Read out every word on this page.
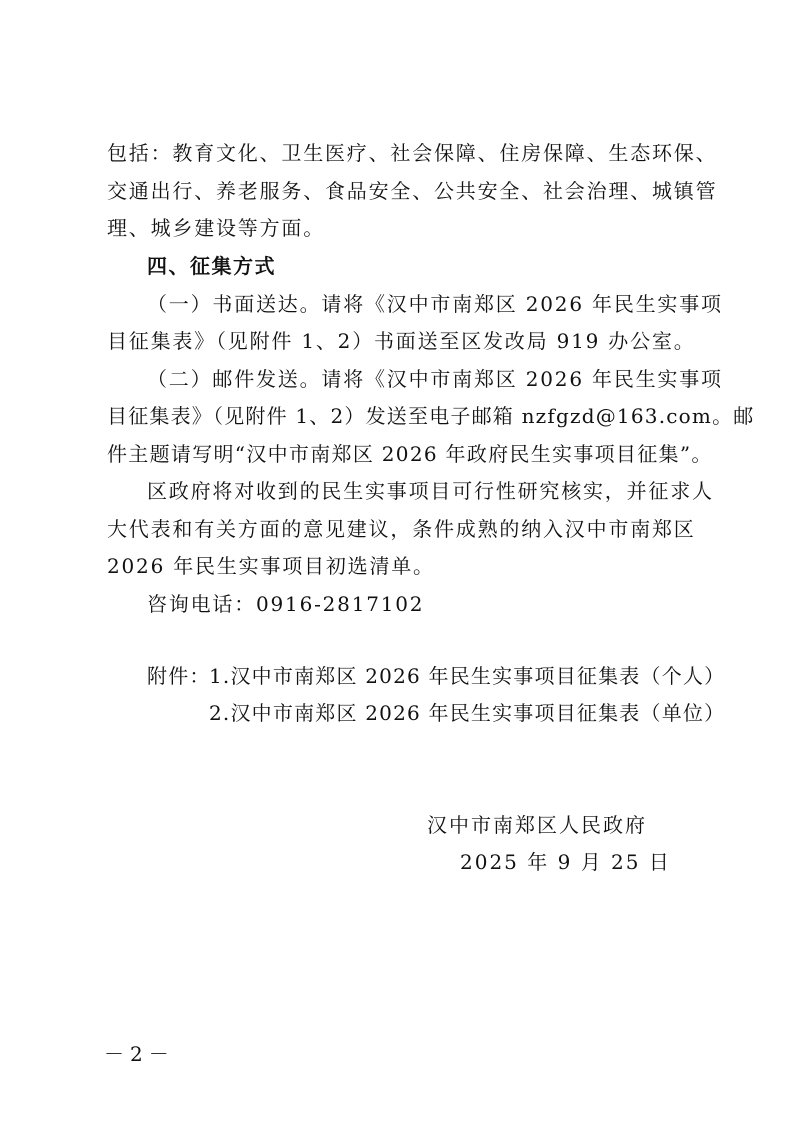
包括：教育文化、卫生医疗、社会保障、住房保障、生态环保、
交通出行、养老服务、食品安全、公共安全、社会治理、城镇管
理、城乡建设等方面。
四、征集方式
（一）书面送达。请将《汉中市南郑区 2026 年民生实事项
目征集表》（见附件 1、2）书面送至区发改局 919 办公室。
（二）邮件发送。请将《汉中市南郑区 2026 年民生实事项
目征集表》（见附件 1、2）发送至电子邮箱 nzfgzd@163.com。邮
件主题请写明“汉中市南郑区 2026 年政府民生实事项目征集”。
区政府将对收到的民生实事项目可行性研究核实，并征求人
大代表和有关方面的意见建议，条件成熟的纳入汉中市南郑区
2026 年民生实事项目初选清单。
咨询电话：0916-2817102
附件：
1.汉中市南郑区 2026 年民生实事项目征集表（个人）
2.汉中市南郑区 2026 年民生实事项目征集表（单位）
汉中市南郑区人民政府
2025 年 9 月 25 日
－2－
